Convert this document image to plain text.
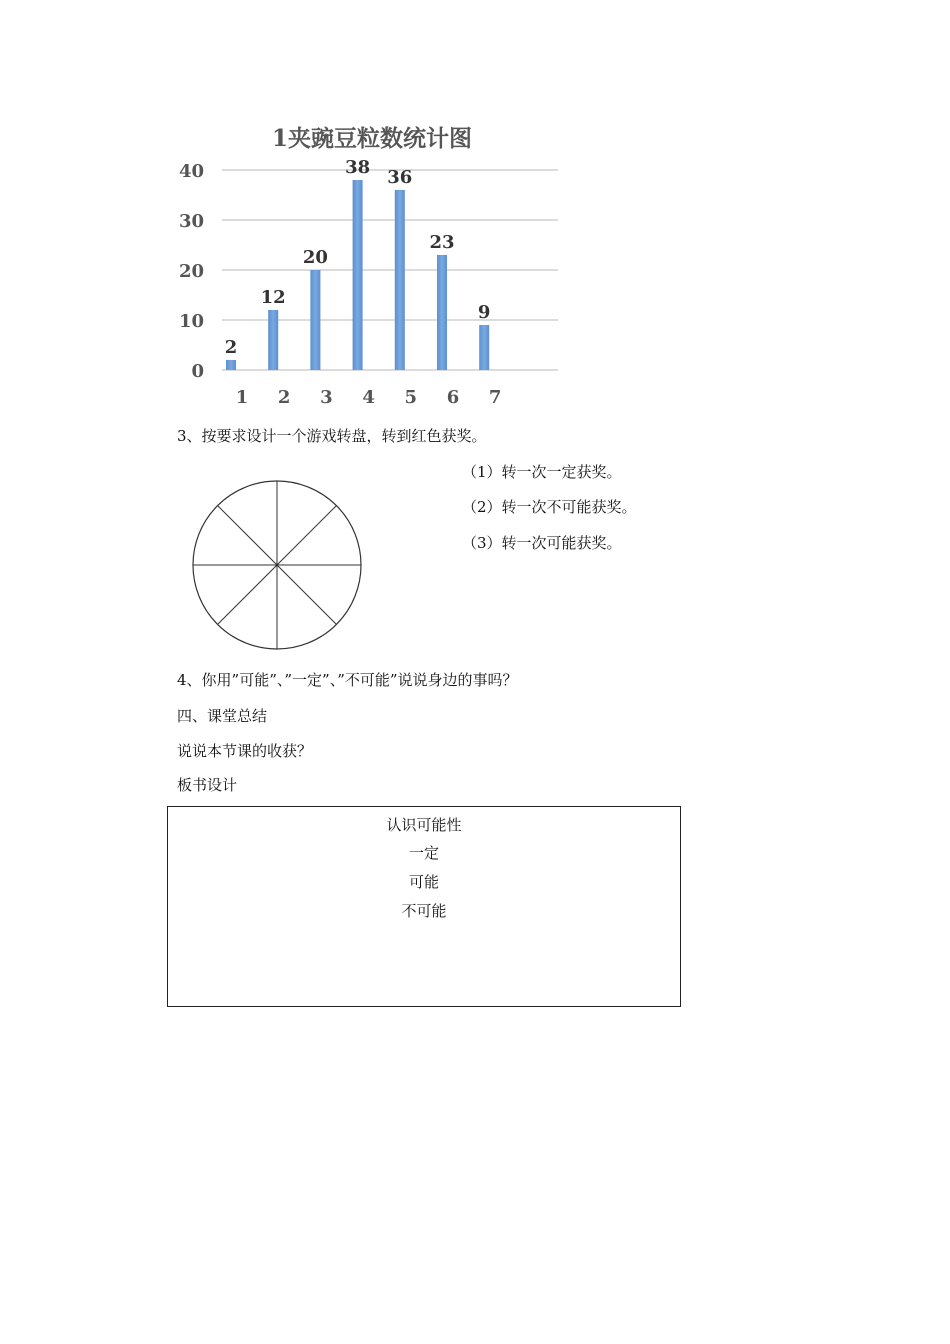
1夹豌豆粒数统计图
0
10
20
30
40
2
1
12
2
20
3
38
4
36
5
23
6
9
7
3、按要求设计一个游戏转盘，转到红色获奖。
（1）转一次一定获奖。
（2）转一次不可能获奖。
（3）转一次可能获奖。
4、你用”可能”、”一定”、”不可能”说说身边的事吗？
四、课堂总结
说说本节课的收获？
板书设计
认识可能性
一定
可能
不可能
